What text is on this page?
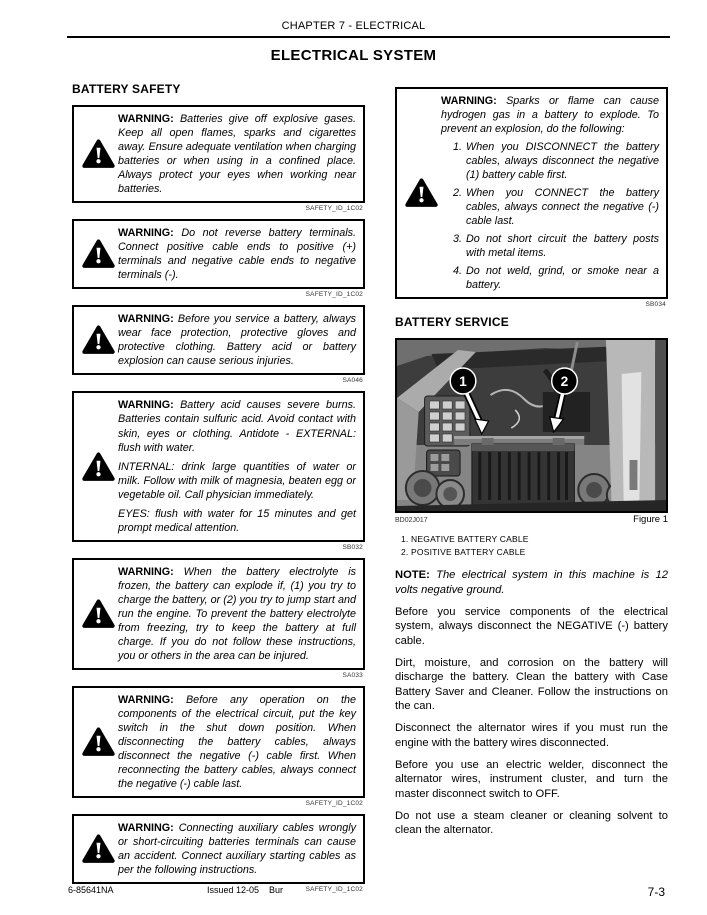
CHAPTER 7 - ELECTRICAL
ELECTRICAL SYSTEM
BATTERY SAFETY

WARNING: Batteries give off explosive gases. Keep all open flames, sparks and cigarettes away. Ensure adequate ventilation when charging batteries or when using in a confined place. Always protect your eyes when working near batteries.

SAFETY_ID_1C02

WARNING: Do not reverse battery terminals. Connect positive cable ends to positive (+) terminals and negative cable ends to negative terminals (-).

SAFETY_ID_1C02

WARNING: Before you service a battery, always wear face protection, protective gloves and protective clothing. Battery acid or battery explosion can cause serious injuries.

SA046

WARNING: Battery acid causes severe burns. Batteries contain sulfuric acid. Avoid contact with skin, eyes or clothing. Antidote - EXTERNAL: flush with water.

INTERNAL: drink large quantities of water or milk. Follow with milk of magnesia, beaten egg or vegetable oil. Call physician immediately.

EYES: flush with water for 15 minutes and get prompt medical attention.

SB032

WARNING: When the battery electrolyte is frozen, the battery can explode if, (1) you try to charge the battery, or (2) you try to jump start and run the engine. To prevent the battery electrolyte from freezing, try to keep the battery at full charge. If you do not follow these instructions, you or others in the area can be injured.

SA033

WARNING: Before any operation on the components of the electrical circuit, put the key switch in the shut down position. When disconnecting the battery cables, always disconnect the negative (-) cable first. When reconnecting the battery cables, always connect the negative (-) cable last.

SAFETY_ID_1C02

WARNING: Connecting auxiliary cables wrongly or short-circuiting batteries terminals can cause an accident. Connect auxiliary starting cables as per the following instructions.

SAFETY_ID_1C02

WARNING: Sparks or flame can cause hydrogen gas in a battery to explode. To prevent an explosion, do the following:

1. When you DISCONNECT the battery cables, always disconnect the negative (1) battery cable first.
2. When you CONNECT the battery cables, always connect the negative (-) cable last.
3. Do not short circuit the battery posts with metal items.
4. Do not weld, grind, or smoke near a battery.
SB034
BATTERY SERVICE
1	2
BD02J017	Figure 1
1. NEGATIVE BATTERY CABLE
2. POSITIVE BATTERY CABLE

NOTE: The electrical system in this machine is 12 volts negative ground.

Before you service components of the electrical system, always disconnect the NEGATIVE (-) battery cable.

Dirt, moisture, and corrosion on the battery will discharge the battery. Clean the battery with Case Battery Saver and Cleaner. Follow the instructions on the can.

Disconnect the alternator wires if you must run the engine with the battery wires disconnected.

Before you use an electric welder, disconnect the alternator wires, instrument cluster, and turn the master disconnect switch to OFF.

Do not use a steam cleaner or cleaning solvent to clean the alternator.

6-85641NA	Issued 12-05    Bur	7-3
